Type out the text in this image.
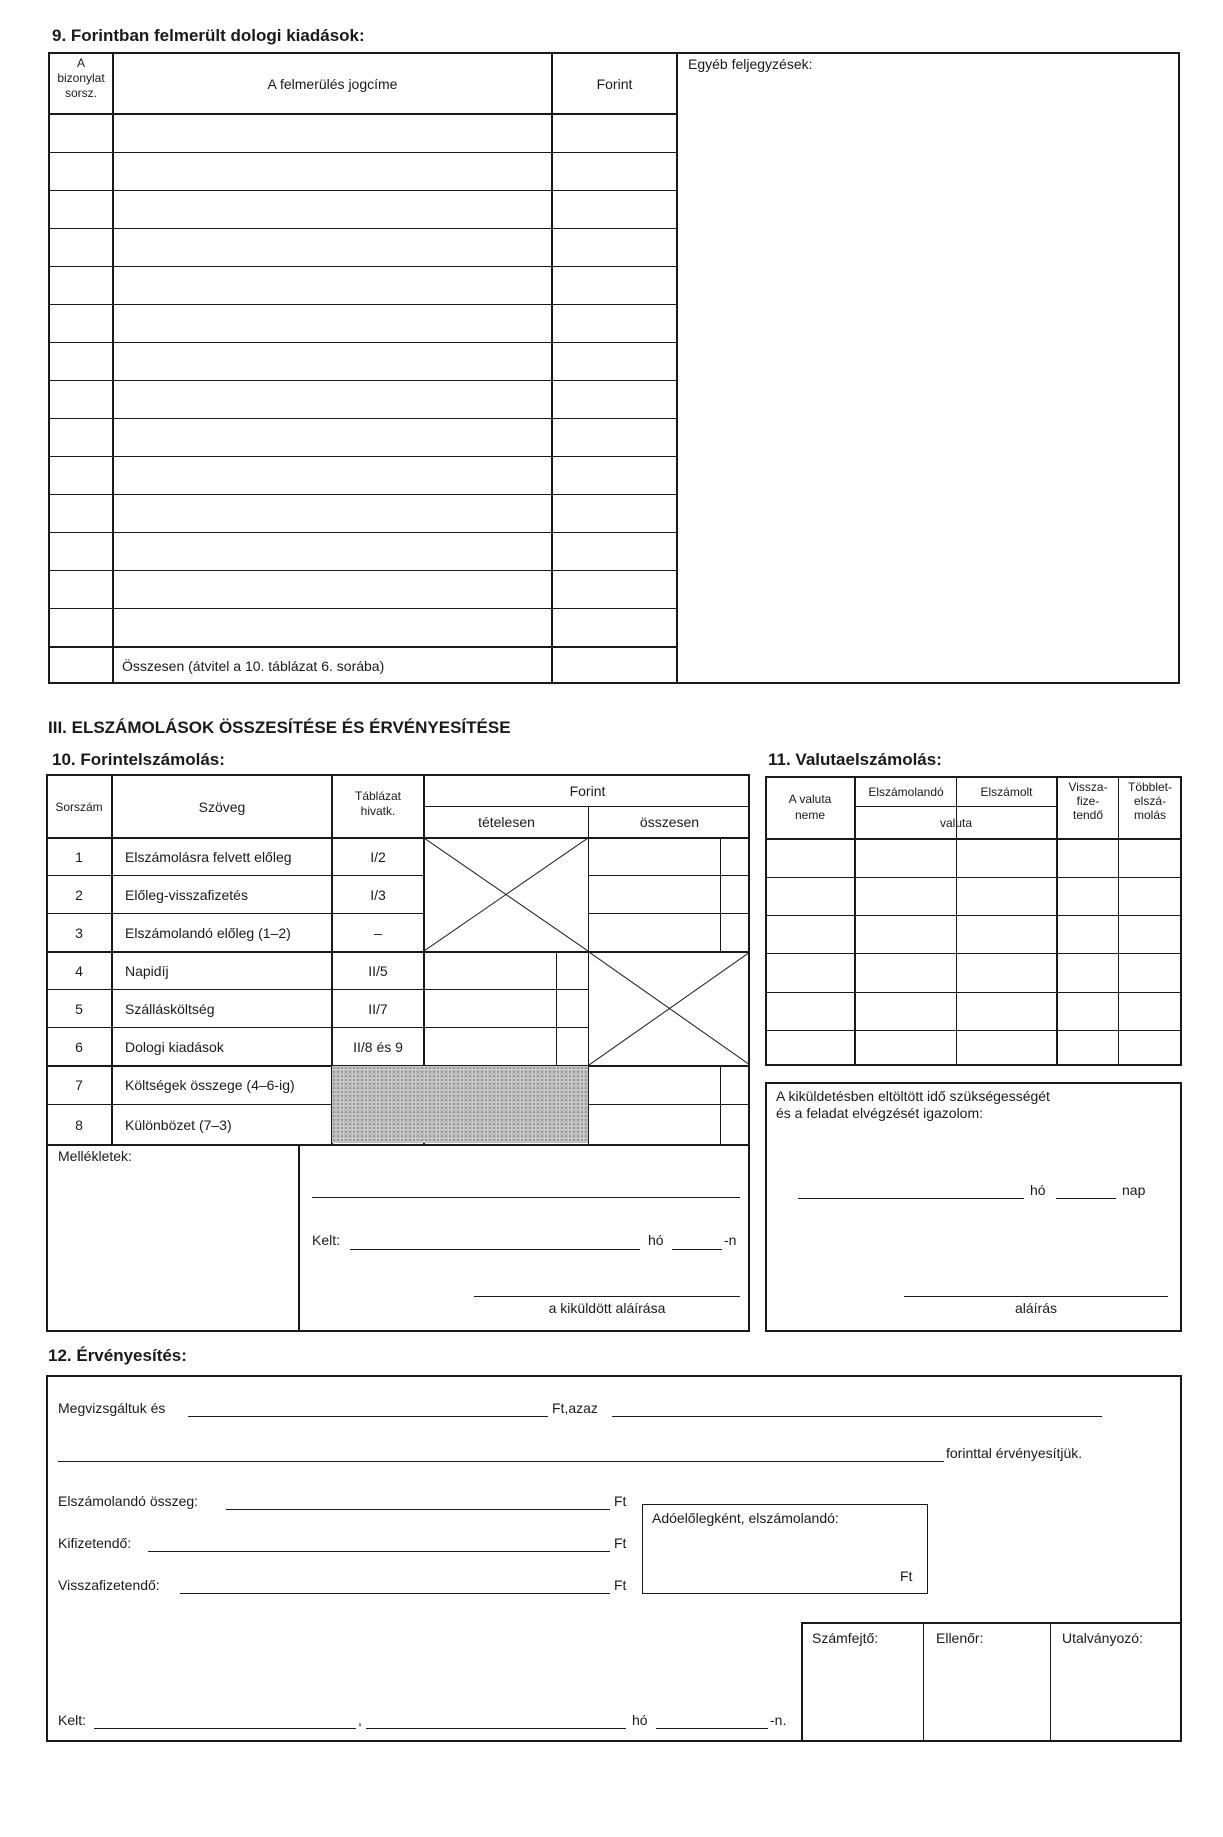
9. Forintban felmerült dologi kiadások:
A
bizonylat
sorsz.
A felmerülés jogcíme	Forint
Egyéb feljegyzések:
Összesen (átvitel a 10. táblázat 6. sorába)
III. ELSZÁMOLÁSOK ÖSSZESÍTÉSE ÉS ÉRVÉNYESÍTÉSE
10. Forintelszámolás:
Sorszám	Szöveg
Táblázat
hivatk.
Forint
tételesen	összesen
1	Elszámolásra felvett előleg	I/2
2	Előleg-visszafizetés	I/3
3	Elszámolandó előleg (1–2)	–
4	Napidíj	II/5
5	Szállásköltség	II/7
6	Dologi kiadások	II/8 és 9
7	Költségek összege (4–6-ig)
8	Különbözet (7–3)
Mellékletek:
Kelt:	hó	-n
a kiküldött aláírása
11. Valutaelszámolás:
A valuta
neme
Elszámolandó	Elszámolt
valuta
Vissza-
fize-
tendő
Többlet-
elszá-
molás
A kiküldetésben eltöltött idő szükségességét
és a feladat elvégzését igazolom:
hó	nap
aláírás
12. Érvényesítés:
Megvizsgáltuk és	Ft,azaz
forinttal érvényesítjük.
Elszámolandó összeg:	Ft
Kifizetendő:	Ft
Visszafizetendő:	Ft
Adóelőlegként, elszámolandó:
Ft
Számfejtő:	Ellenőr:	Utalványozó:
Kelt:	,	hó	-n.
